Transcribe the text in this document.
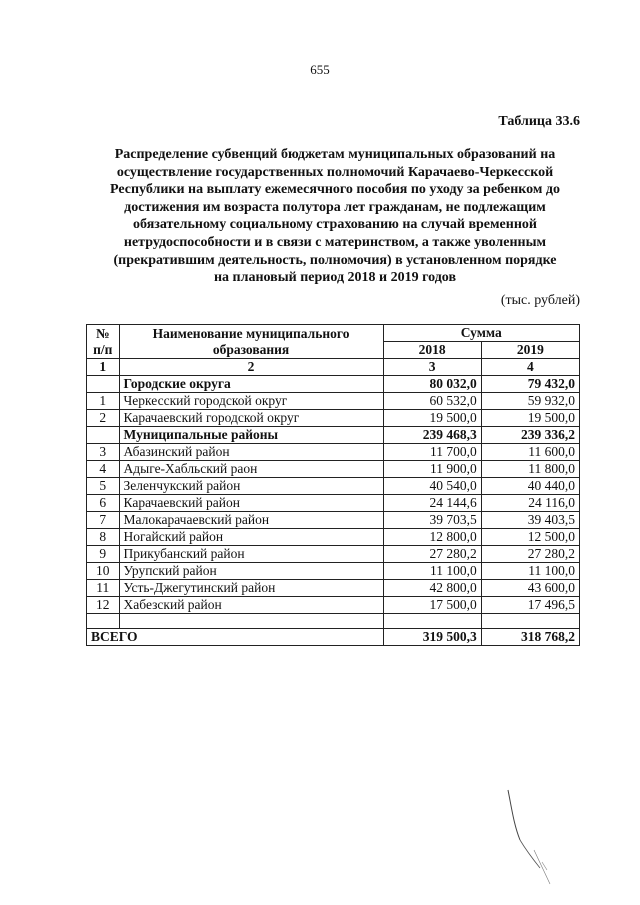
655
Таблица 33.6
Распределение субвенций бюджетам муниципальных образований на
осуществление государственных полномочий Карачаево-Черкесской
Республики на выплату ежемесячного пособия по уходу за ребенком до
достижения им возраста полутора лет гражданам, не подлежащим
обязательному социальному страхованию на случай временной
нетрудоспособности и в связи с материнством, а также уволенным
(прекратившим деятельность, полномочия) в установленном порядке
на плановый период 2018 и 2019 годов
(тыс. рублей)
№ п/п	Наименование муниципального образования	Сумма	
		2018	2019
1	2	3	4
	Городские округа	80 032,0	79 432,0
1	Черкесский городской округ	60 532,0	59 932,0
2	Карачаевский городской округ	19 500,0	19 500,0
	Муниципальные районы	239 468,3	239 336,2
3	Абазинский район	11 700,0	11 600,0
4	Адыге-Хабльский раон	11 900,0	11 800,0
5	Зеленчукский район	40 540,0	40 440,0
6	Карачаевский район	24 144,6	24 116,0
7	Малокарачаевский район	39 703,5	39 403,5
8	Ногайский район	12 800,0	12 500,0
9	Прикубанский район	27 280,2	27 280,2
10	Урупский район	11 100,0	11 100,0
11	Усть-Джегутинский район	42 800,0	43 600,0
12	Хабезский район	17 500,0	17 496,5

ВСЕГО		319 500,3	318 768,2
